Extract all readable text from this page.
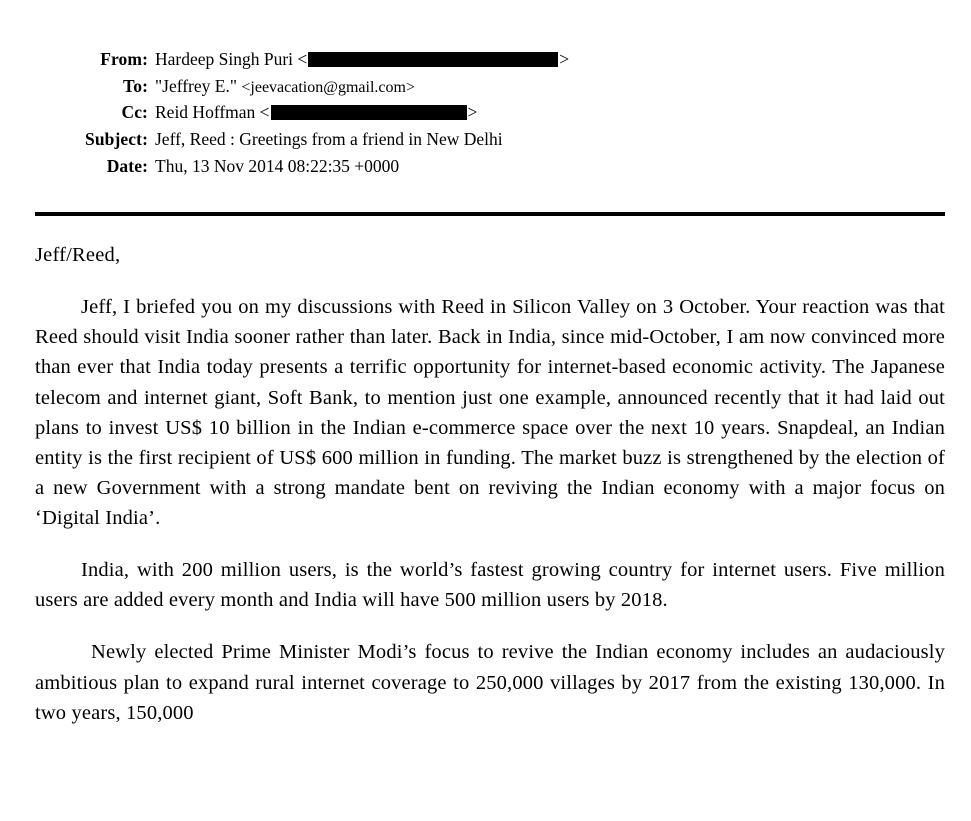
From: Hardeep Singh Puri <	>
To: "Jeffrey E." <jeevacation@gmail.com>
Cc: Reid Hoffman <	>
Subject: Jeff, Reed : Greetings from a friend in New Delhi
Date: Thu, 13 Nov 2014 08:22:35 +0000

Jeff/Reed,

Jeff, I briefed you on my discussions with Reed in Silicon Valley on 3 October. Your reaction was that Reed should visit India sooner rather than later. Back in India, since mid-October, I am now convinced more than ever that India today presents a terrific opportunity for internet-based economic activity. The Japanese telecom and internet giant, Soft Bank, to mention just one example, announced recently that it had laid out plans to invest US$ 10 billion in the Indian e-commerce space over the next 10 years. Snapdeal, an Indian entity is the first recipient of US$ 600 million in funding. The market buzz is strengthened by the election of a new Government with a strong mandate bent on reviving the Indian economy with a major focus on ‘Digital India’.

India, with 200 million users, is the world’s fastest growing country for internet users. Five million users are added every month and India will have 500 million users by 2018.

Newly elected Prime Minister Modi’s focus to revive the Indian economy includes an audaciously ambitious plan to expand rural internet coverage to 250,000 villages by 2017 from the existing 130,000. In two years, 150,000
